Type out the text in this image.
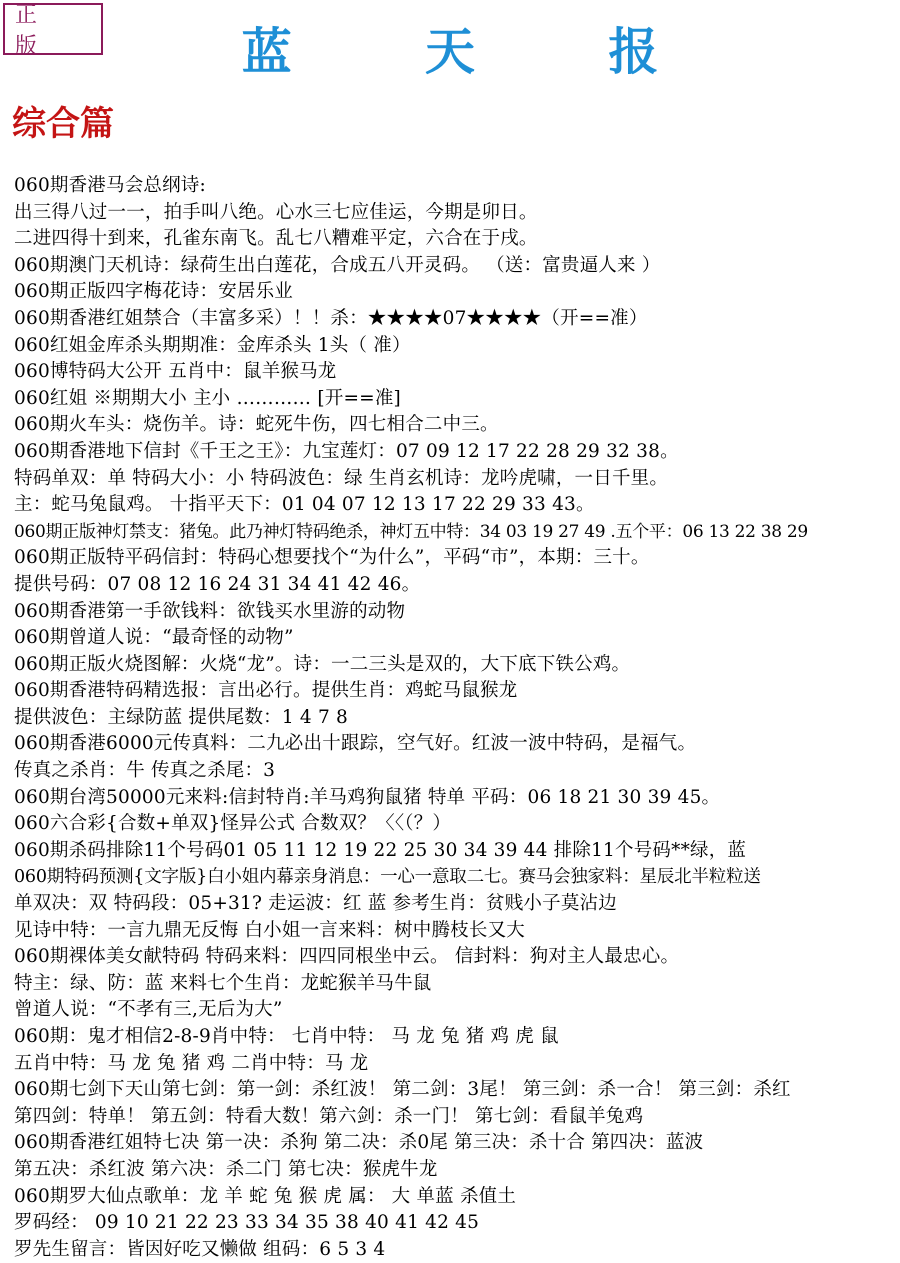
正 版	蓝 天 报
综合篇
060期香港马会总纲诗:
出三得八过一一，拍手叫八绝。心水三七应佳运，今期是卯日。
二进四得十到来，孔雀东南飞。乱七八糟难平定，六合在于戌。
060期澳门天机诗：绿荷生出白莲花，合成五八开灵码。 （送：富贵逼人来 ）
060期正版四字梅花诗：安居乐业
060期香港红姐禁合（丰富多采）！！杀：★★★★07★★★★（开==准）
060红姐金库杀头期期准：金库杀头 1头（ 准）
060博特码大公开 五肖中：鼠羊猴马龙
060红姐 ※期期大小 主小 ………… [开==准]
060期火车头：烧伤羊。诗：蛇死牛伤，四七相合二中三。
060期香港地下信封《千王之王》：九宝莲灯：07 09 12 17 22 28 29 32 38。
特码单双：单 特码大小：小 特码波色：绿 生肖玄机诗：龙吟虎啸，一日千里。
主：蛇马兔鼠鸡。 十指平天下：01 04 07 12 13 17 22 29 33 43。
060期正版神灯禁支：猪兔。此乃神灯特码绝杀，神灯五中特：34 03 19 27 49 .五个平：06 13 22 38 29
060期正版特平码信封：特码心想要找个“为什么”，平码“市”，本期：三十。
提供号码：07 08 12 16 24 31 34 41 42 46。
060期香港第一手欲钱料：欲钱买水里游的动物
060期曾道人说：“最奇怪的动物”
060期正版火烧图解：火烧“龙”。诗：一二三头是双的，大下底下铁公鸡。
060期香港特码精选报：言出必行。提供生肖：鸡蛇马鼠猴龙
提供波色：主绿防蓝 提供尾数：1 4 7 8
060期香港6000元传真料：二九必出十跟踪，空气好。红波一波中特码，是福气。
传真之杀肖：牛 传真之杀尾：3
060期台湾50000元来料:信封特肖:羊马鸡狗鼠猪 特单 平码：06 18 21 30 39 45。
060六合彩{合数+单双}怪异公式 合数双？〈〈（？）
060期杀码排除11个号码01 05 11 12 19 22 25 30 34 39 44 排除11个号码**绿，蓝
060期特码预测{文字版}白小姐内幕亲身消息：一心一意取二七。赛马会独家料：星辰北半粒粒送
单双决：双 特码段：05+31? 走运波：红 蓝 参考生肖：贫贱小子莫沾边
见诗中特：一言九鼎无反悔 白小姐一言来料：树中腾枝长又大
060期裸体美女献特码 特码来料：四四同根坐中云。 信封料：狗对主人最忠心。
特主：绿、防：蓝 来料七个生肖：龙蛇猴羊马牛鼠
曾道人说：“不孝有三,无后为大”
060期：鬼才相信2-8-9肖中特： 七肖中特： 马 龙 兔 猪 鸡 虎 鼠
五肖中特：马 龙 兔 猪 鸡 二肖中特：马 龙
060期七剑下天山第七剑：第一剑：杀红波！ 第二剑：3尾！ 第三剑：杀一合！ 第三剑：杀红
第四剑：特单！ 第五剑：特看大数！第六剑：杀一门！ 第七剑：看鼠羊兔鸡
060期香港红姐特七决 第一决：杀狗 第二决：杀0尾 第三决：杀十合 第四决：蓝波
第五决：杀红波 第六决：杀二门 第七决：猴虎牛龙
060期罗大仙点歌单：龙 羊 蛇 兔 猴 虎 属： 大 单蓝 杀值土
罗码经： 09 10 21 22 23 33 34 35 38 40 41 42 45
罗先生留言：皆因好吃又懒做 组码：6 5 3 4
